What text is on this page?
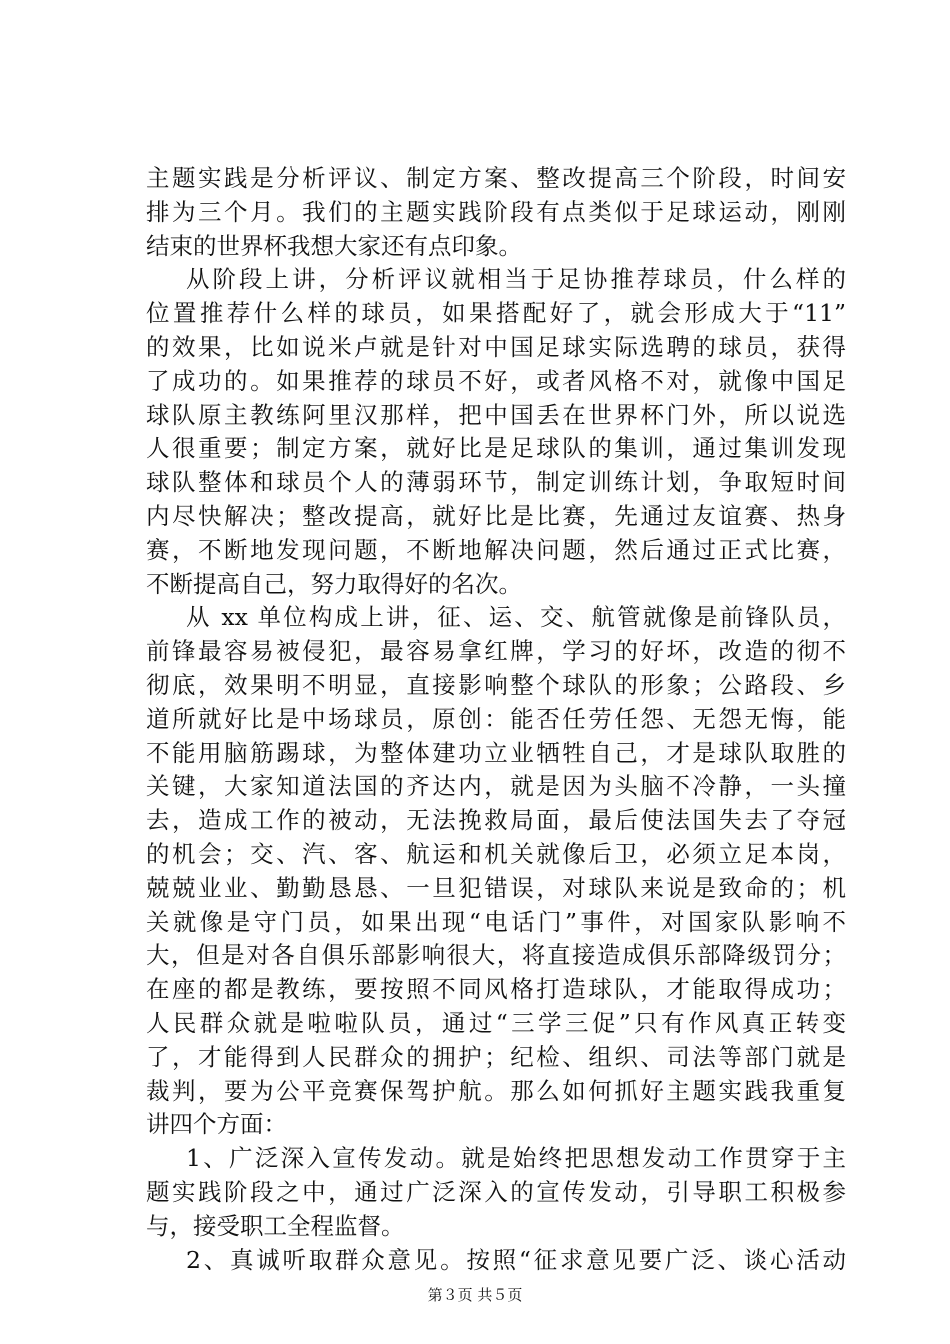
主题实践是分析评议、制定方案、整改提高三个阶段，时间安
排为三个月。我们的主题实践阶段有点类似于足球运动，刚刚
结束的世界杯我想大家还有点印象。
从阶段上讲，分析评议就相当于足协推荐球员，什么样的
位置推荐什么样的球员，如果搭配好了，就会形成大于“11”
的效果，比如说米卢就是针对中国足球实际选聘的球员，获得
了成功的。如果推荐的球员不好，或者风格不对，就像中国足
球队原主教练阿里汉那样，把中国丢在世界杯门外，所以说选
人很重要；制定方案，就好比是足球队的集训，通过集训发现
球队整体和球员个人的薄弱环节，制定训练计划，争取短时间
内尽快解决；整改提高，就好比是比赛，先通过友谊赛、热身
赛，不断地发现问题，不断地解决问题，然后通过正式比赛，
不断提高自己，努力取得好的名次。
从 xx 单位构成上讲，征、运、交、航管就像是前锋队员，
前锋最容易被侵犯，最容易拿红牌，学习的好坏，改造的彻不
彻底，效果明不明显，直接影响整个球队的形象；公路段、乡
道所就好比是中场球员，原创：能否任劳任怨、无怨无悔，能
不能用脑筋踢球，为整体建功立业牺牲自己，才是球队取胜的
关键，大家知道法国的齐达内，就是因为头脑不冷静，一头撞
去，造成工作的被动，无法挽救局面，最后使法国失去了夺冠
的机会；交、汽、客、航运和机关就像后卫，必须立足本岗，
兢兢业业、勤勤恳恳、一旦犯错误，对球队来说是致命的；机
关就像是守门员，如果出现“电话门”事件，对国家队影响不
大，但是对各自俱乐部影响很大，将直接造成俱乐部降级罚分；
在座的都是教练，要按照不同风格打造球队，才能取得成功；
人民群众就是啦啦队员，通过“三学三促”只有作风真正转变
了，才能得到人民群众的拥护；纪检、组织、司法等部门就是
裁判，要为公平竞赛保驾护航。那么如何抓好主题实践我重复
讲四个方面：
1、广泛深入宣传发动。就是始终把思想发动工作贯穿于主
题实践阶段之中，通过广泛深入的宣传发动，引导职工积极参
与，接受职工全程监督。
2、真诚听取群众意见。按照“征求意见要广泛、谈心活动
第３页 共５页
